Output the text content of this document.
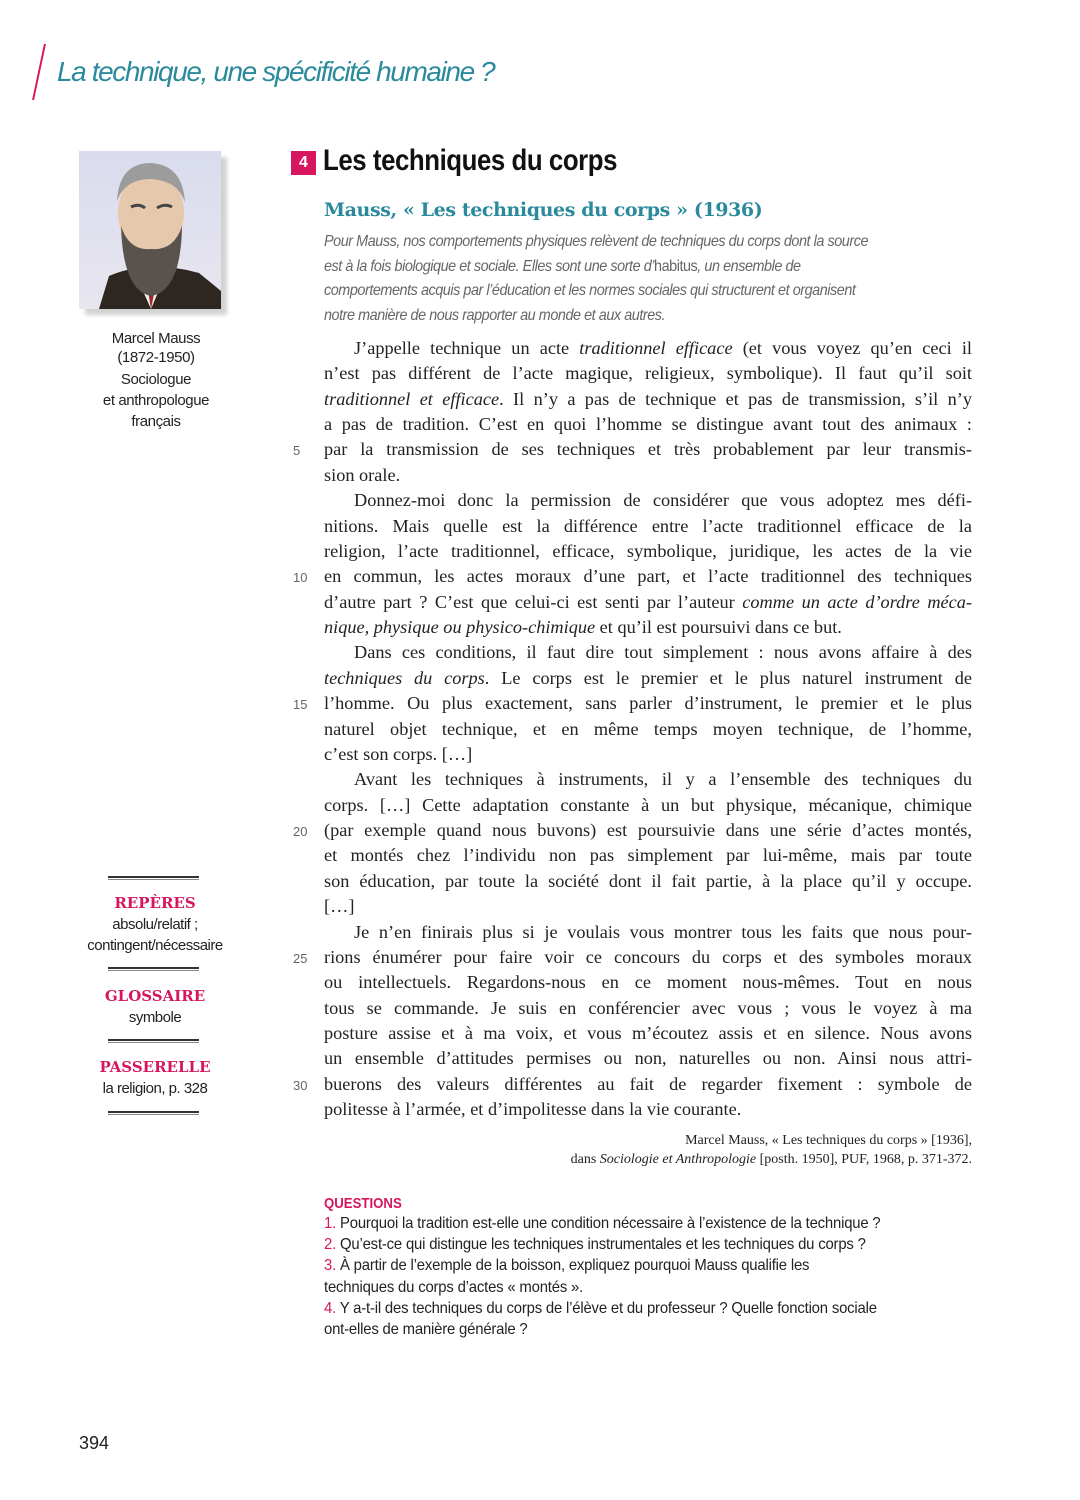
La technique, une spécificité humaine ?
Marcel Mauss
(1872-1950)
Sociologue
et anthropologue
français
4 Les techniques du corps
Mauss, « Les techniques du corps » (1936)
Pour Mauss, nos comportements physiques relèvent de techniques du corps dont la source
est à la fois biologique et sociale. Elles sont une sorte d’habitus, un ensemble de
comportements acquis par l’éducation et les normes sociales qui structurent et organisent
notre manière de nous rapporter au monde et aux autres.
J’appelle technique un acte traditionnel efficace (et vous voyez qu’en ceci il
n’est pas différent de l’acte magique, religieux, symbolique). Il faut qu’il soit
traditionnel et efficace. Il n’y a pas de technique et pas de transmission, s’il n’y
a pas de tradition. C’est en quoi l’homme se distingue avant tout des animaux :
par la transmission de ses techniques et très probablement par leur transmis-
5
sion orale.
Donnez-moi donc la permission de considérer que vous adoptez mes défi-
nitions. Mais quelle est la différence entre l’acte traditionnel efficace de la
religion, l’acte traditionnel, efficace, symbolique, juridique, les actes de la vie
en commun, les actes moraux d’une part, et l’acte traditionnel des techniques
10
d’autre part ? C’est que celui-ci est senti par l’auteur comme un acte d’ordre méca-
nique, physique ou physico-chimique et qu’il est poursuivi dans ce but.
Dans ces conditions, il faut dire tout simplement : nous avons affaire à des
techniques du corps. Le corps est le premier et le plus naturel instrument de
l’homme. Ou plus exactement, sans parler d’instrument, le premier et le plus
15
naturel objet technique, et en même temps moyen technique, de l’homme,
c’est son corps. […]
Avant les techniques à instruments, il y a l’ensemble des techniques du
corps. […] Cette adaptation constante à un but physique, mécanique, chimique
(par exemple quand nous buvons) est poursuivie dans une série d’actes montés,
20
et montés chez l’individu non pas simplement par lui-même, mais par toute
son éducation, par toute la société dont il fait partie, à la place qu’il y occupe.
[…]
Je n’en finirais plus si je voulais vous montrer tous les faits que nous pour-
rions énumérer pour faire voir ce concours du corps et des symboles moraux
25
ou intellectuels. Regardons-nous en ce moment nous-mêmes. Tout en nous
tous se commande. Je suis en conférencier avec vous ; vous le voyez à ma
posture assise et à ma voix, et vous m’écoutez assis et en silence. Nous avons
un ensemble d’attitudes permises ou non, naturelles ou non. Ainsi nous attri-
buerons des valeurs différentes au fait de regarder fixement : symbole de
30
politesse à l’armée, et d’impolitesse dans la vie courante.
Marcel Mauss, « Les techniques du corps » [1936],
dans Sociologie et Anthropologie [posth. 1950], PUF, 1968, p. 371-372.
QUESTIONS
1. Pourquoi la tradition est-elle une condition nécessaire à l’existence de la technique ?
2. Qu’est-ce qui distingue les techniques instrumentales et les techniques du corps ?
3. À partir de l’exemple de la boisson, expliquez pourquoi Mauss qualifie les
techniques du corps d’actes « montés ».
4. Y a-t-il des techniques du corps de l’élève et du professeur ? Quelle fonction sociale
ont-elles de manière générale ?
REPÈRES
absolu/relatif ;
contingent/nécessaire
GLOSSAIRE
symbole
PASSERELLE
la religion, p. 328
394
